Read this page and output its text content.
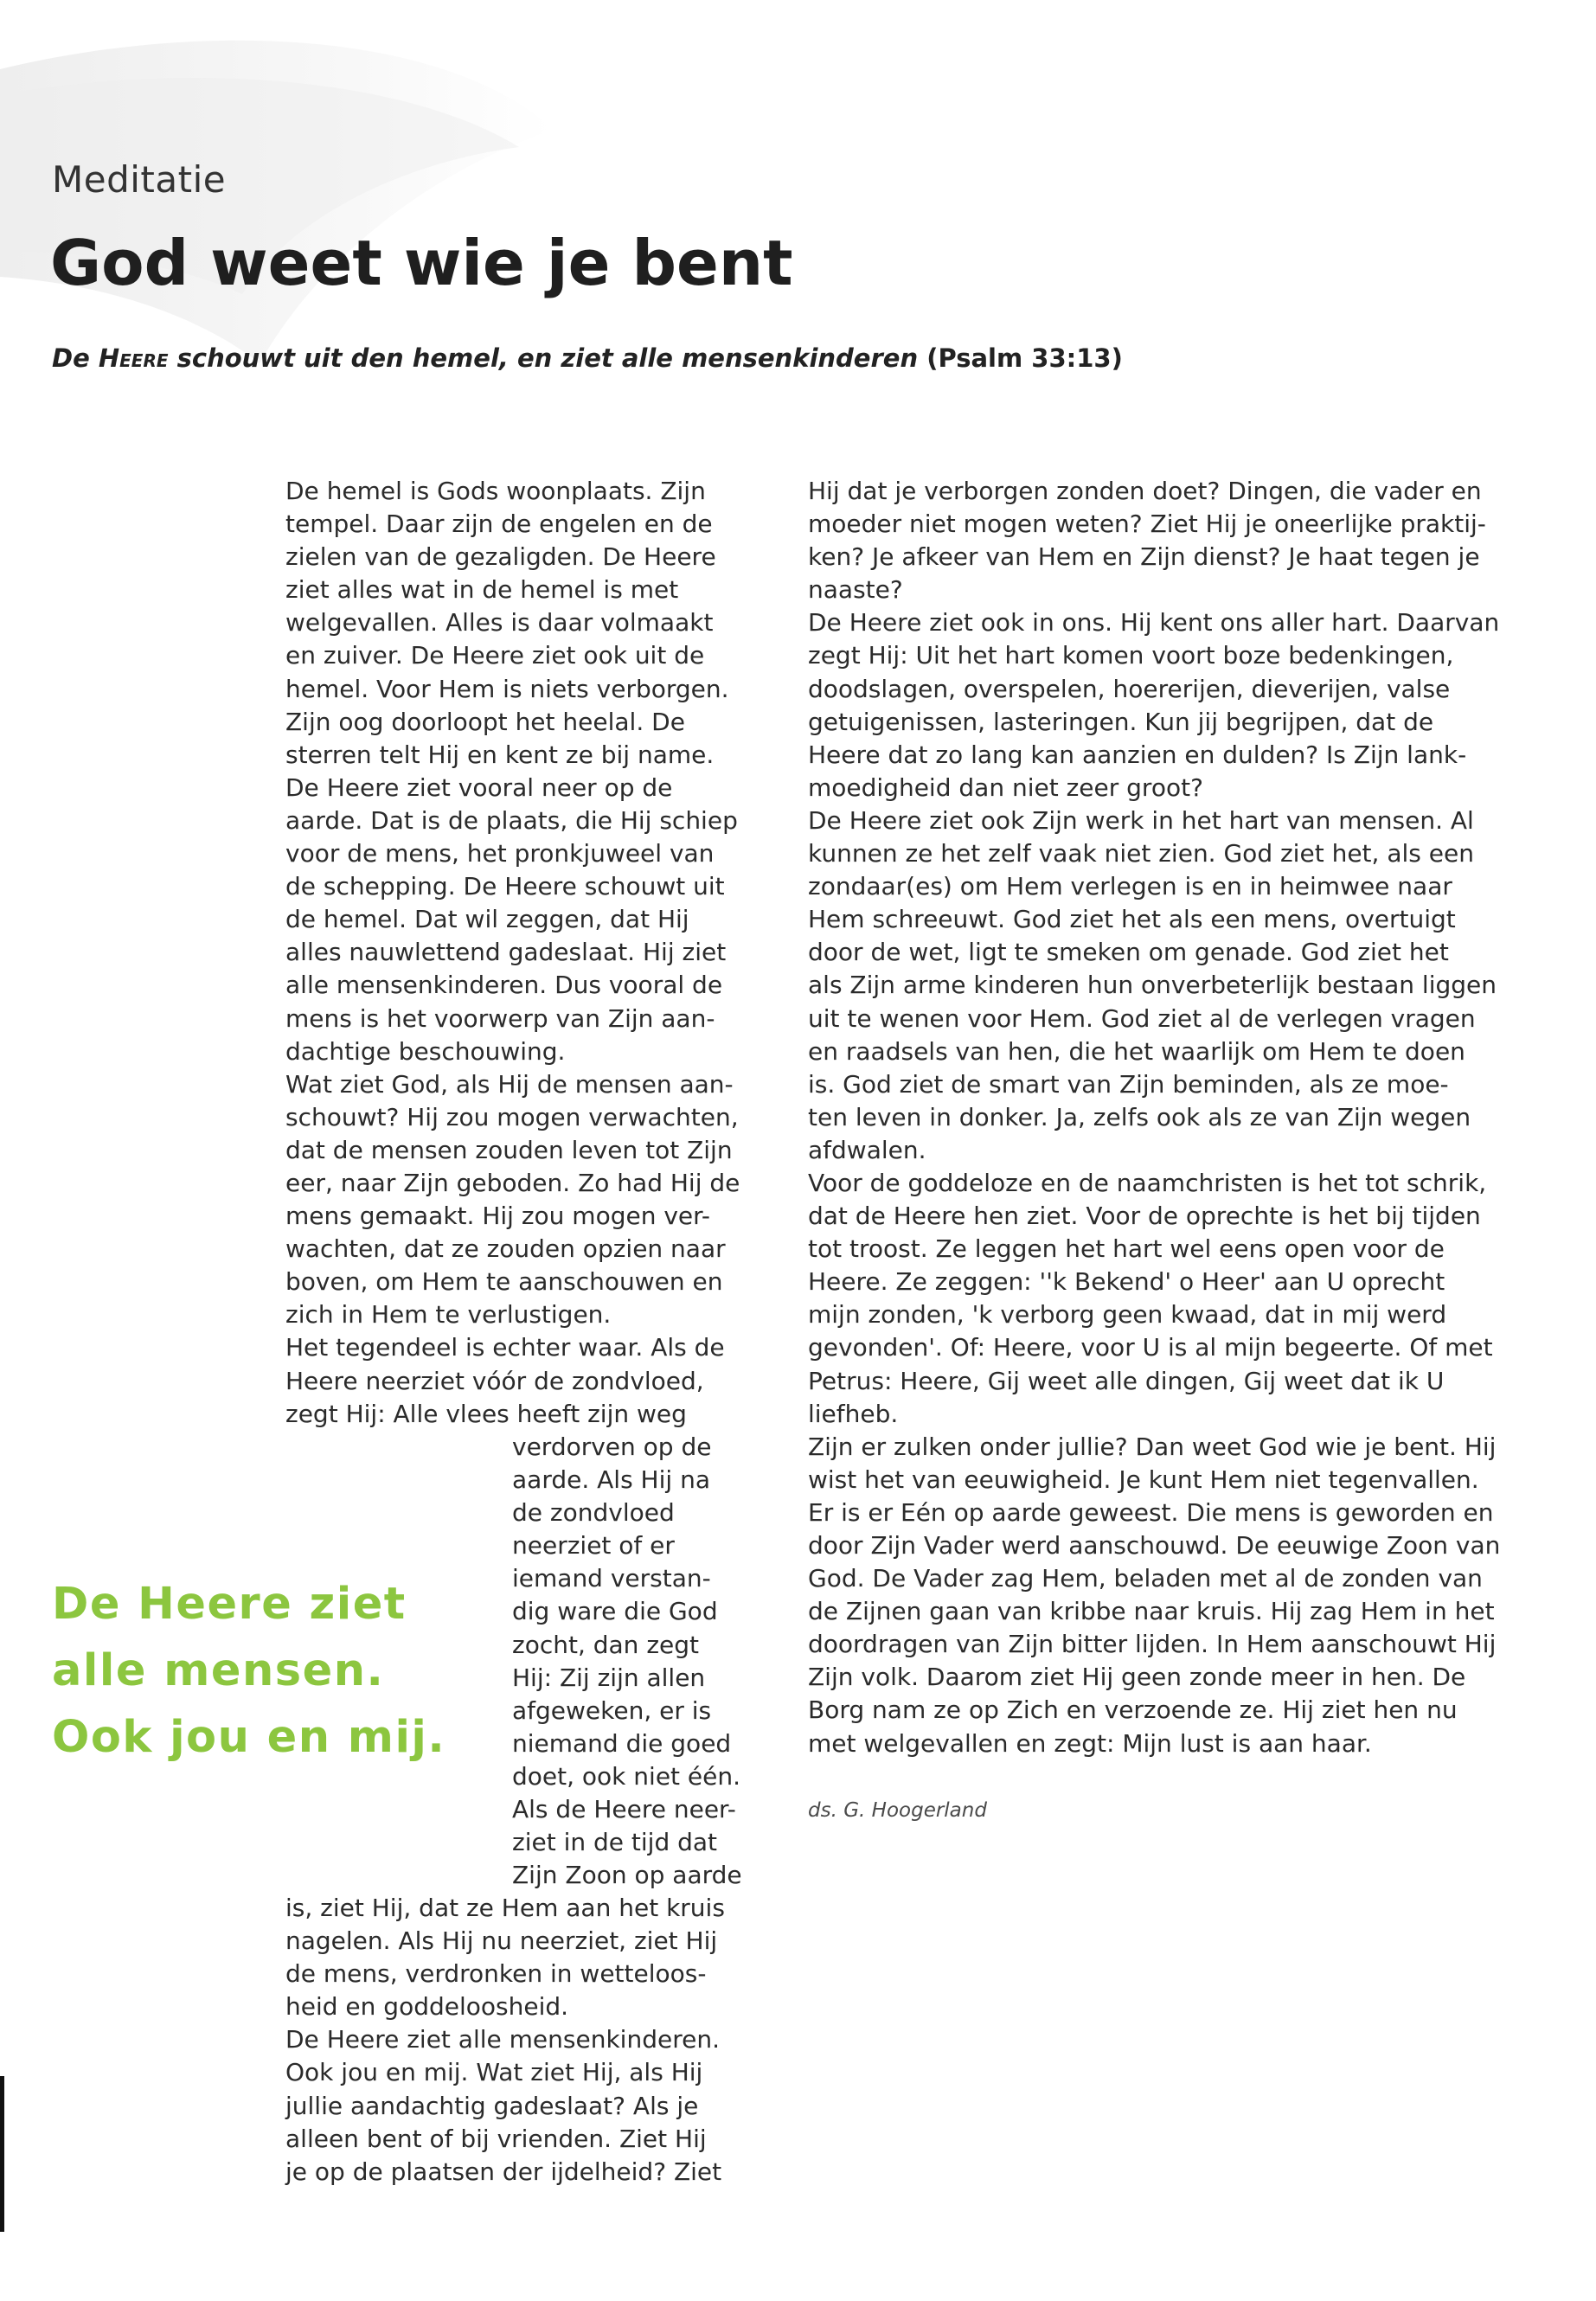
Meditatie
God weet wie je bent
De Heere schouwt uit den hemel, en ziet alle mensenkinderen (Psalm 33:13)
De hemel is Gods woonplaats. Zijn
tempel. Daar zijn de engelen en de
zielen van de gezaligden. De Heere
ziet alles wat in de hemel is met
welgevallen. Alles is daar volmaakt
en zuiver. De Heere ziet ook uit de
hemel. Voor Hem is niets verborgen.
Zijn oog doorloopt het heelal. De
sterren telt Hij en kent ze bij name.
De Heere ziet vooral neer op de
aarde. Dat is de plaats, die Hij schiep
voor de mens, het pronkjuweel van
de schepping. De Heere schouwt uit
de hemel. Dat wil zeggen, dat Hij
alles nauwlettend gadeslaat. Hij ziet
alle mensenkinderen. Dus vooral de
mens is het voorwerp van Zijn aan-
dachtige beschouwing.
Wat ziet God, als Hij de mensen aan-
schouwt? Hij zou mogen verwachten,
dat de mensen zouden leven tot Zijn
eer, naar Zijn geboden. Zo had Hij de
mens gemaakt. Hij zou mogen ver-
wachten, dat ze zouden opzien naar
boven, om Hem te aanschouwen en
zich in Hem te verlustigen.
Het tegendeel is echter waar. Als de
Heere neerziet vóór de zondvloed,
zegt Hij: Alle vlees heeft zijn weg
verdorven op de
aarde. Als Hij na
de zondvloed
neerziet of er
iemand verstan-
dig ware die God
zocht, dan zegt
Hij: Zij zijn allen
afgeweken, er is
niemand die goed
doet, ook niet één.
Als de Heere neer-
ziet in de tijd dat
Zijn Zoon op aarde
is, ziet Hij, dat ze Hem aan het kruis
nagelen. Als Hij nu neerziet, ziet Hij
de mens, verdronken in wetteloos-
heid en goddeloosheid.
De Heere ziet alle mensenkinderen.
Ook jou en mij. Wat ziet Hij, als Hij
jullie aandachtig gadeslaat? Als je
alleen bent of bij vrienden. Ziet Hij
je op de plaatsen der ijdelheid? Ziet
Hij dat je verborgen zonden doet? Dingen, die vader en
moeder niet mogen weten? Ziet Hij je oneerlijke praktij-
ken? Je afkeer van Hem en Zijn dienst? Je haat tegen je
naaste?
De Heere ziet ook in ons. Hij kent ons aller hart. Daarvan
zegt Hij: Uit het hart komen voort boze bedenkingen,
doodslagen, overspelen, hoererijen, dieverijen, valse
getuigenissen, lasteringen. Kun jij begrijpen, dat de
Heere dat zo lang kan aanzien en dulden? Is Zijn lank-
moedigheid dan niet zeer groot?
De Heere ziet ook Zijn werk in het hart van mensen. Al
kunnen ze het zelf vaak niet zien. God ziet het, als een
zondaar(es) om Hem verlegen is en in heimwee naar
Hem schreeuwt. God ziet het als een mens, overtuigt
door de wet, ligt te smeken om genade. God ziet het
als Zijn arme kinderen hun onverbeterlijk bestaan liggen
uit te wenen voor Hem. God ziet al de verlegen vragen
en raadsels van hen, die het waarlijk om Hem te doen
is. God ziet de smart van Zijn beminden, als ze moe-
ten leven in donker. Ja, zelfs ook als ze van Zijn wegen
afdwalen.
Voor de goddeloze en de naamchristen is het tot schrik,
dat de Heere hen ziet. Voor de oprechte is het bij tijden
tot troost. Ze leggen het hart wel eens open voor de
Heere. Ze zeggen: ''k Bekend' o Heer' aan U oprecht
mijn zonden, 'k verborg geen kwaad, dat in mij werd
gevonden'. Of: Heere, voor U is al mijn begeerte. Of met
Petrus: Heere, Gij weet alle dingen, Gij weet dat ik U
liefheb.
Zijn er zulken onder jullie? Dan weet God wie je bent. Hij
wist het van eeuwigheid. Je kunt Hem niet tegenvallen.
Er is er Eén op aarde geweest. Die mens is geworden en
door Zijn Vader werd aanschouwd. De eeuwige Zoon van
God. De Vader zag Hem, beladen met al de zonden van
de Zijnen gaan van kribbe naar kruis. Hij zag Hem in het
doordragen van Zijn bitter lijden. In Hem aanschouwt Hij
Zijn volk. Daarom ziet Hij geen zonde meer in hen. De
Borg nam ze op Zich en verzoende ze. Hij ziet hen nu
met welgevallen en zegt: Mijn lust is aan haar.
De Heere ziet
alle mensen.
Ook jou en mij.
ds. G. Hoogerland
